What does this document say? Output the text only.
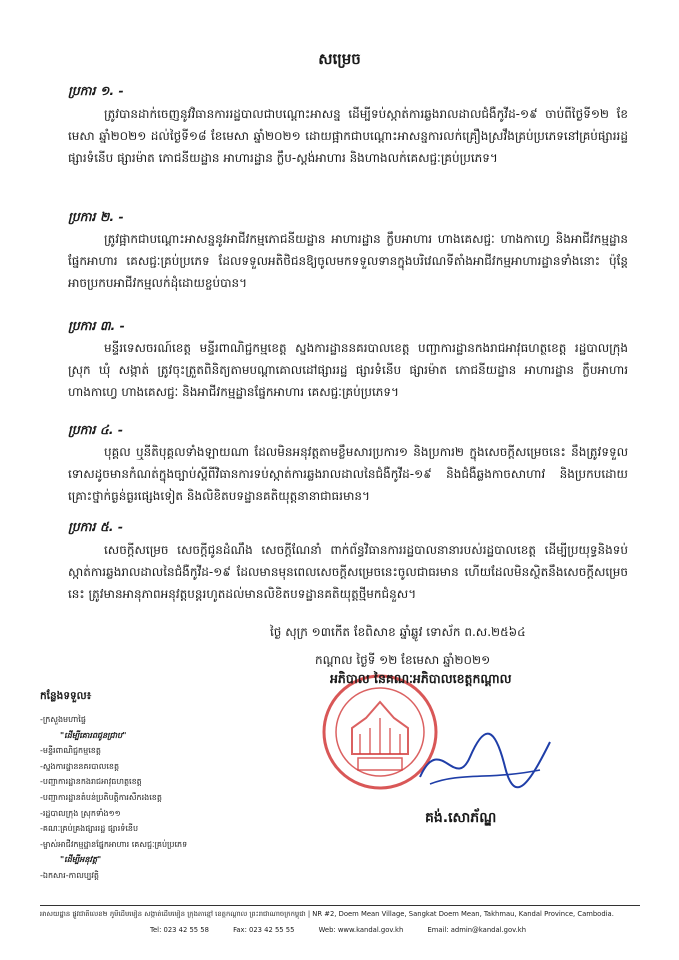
សម្រេច
ប្រការ ១. -
ត្រូវបានដាក់ចេញនូវវិធានការរដ្ឋបាលជាបណ្ដោះអាសន្ន ដើម្បីទប់ស្កាត់ការឆ្លងរាលដាលជំងឺកូវីដ-១៩ ចាប់ពីថ្ងៃទី១២ ខែមេសា ឆ្នាំ២០២១ ដល់ថ្ងៃទី១៨ ខែមេសា ឆ្នាំ២០២១ ដោយផ្អាកជាបណ្ដោះអាសន្នការលក់គ្រឿងស្រវឹងគ្រប់ប្រភេទនៅគ្រប់ផ្សាររដ្ឋ ផ្សារទំនើប ផ្សារម៉ាត ភោជនីយដ្ឋាន អាហារដ្ឋាន ក្លឹប-ស្តង់អាហារ និងហាងលក់គេសជ្ជៈគ្រប់ប្រភេទ។
ប្រការ ២. -
ត្រូវផ្អាកជាបណ្ដោះអាសន្ននូវអាជីវកម្មភោជនីយដ្ឋាន អាហារដ្ឋាន ក្លឹបអាហារ ហាងគេសជ្ជៈ ហាងកាហ្វេ និងអាជីវកម្មដ្ឋានផ្នែកអាហារ គេសជ្ជៈគ្រប់ប្រភេទ ដែលទទួលអតិថិជនឱ្យចូលមកទទួលទានក្នុងបរិវេណទីតាំងអាជីវកម្មអាហារដ្ឋានទាំងនោះ ប៉ុន្តែអាចប្រកបអាជីវកម្មលក់ដុំដោយខ្ចប់បាន។
ប្រការ ៣. -
មន្ទីរទេសចរណ៍ខេត្ត មន្ទីរពាណិជ្ជកម្មខេត្ត ស្នងការដ្ឋាននគរបាលខេត្ត បញ្ជាការដ្ឋានកងរាជអាវុធហត្ថខេត្ត រដ្ឋបាលក្រុង ស្រុក ឃុំ សង្កាត់ ត្រូវចុះត្រួតពិនិត្យតាមបណ្ដាគោលដៅផ្សាររដ្ឋ ផ្សារទំនើប ផ្សារម៉ាត ភោជនីយដ្ឋាន អាហារដ្ឋាន ក្លឹបអាហារ ហាងកាហ្វេ ហាងគេសជ្ជៈ និងអាជីវកម្មដ្ឋានផ្នែកអាហារ គេសជ្ជៈគ្រប់ប្រភេទ។
ប្រការ ៤. -
បុគ្គល ឬនីតិបុគ្គលទាំងឡាយណា ដែលមិនអនុវត្តតាមខ្លឹមសារប្រការ១ និងប្រការ២ ក្នុងសេចក្ដីសម្រេចនេះ នឹងត្រូវទទួលទោសដូចមានកំណត់ក្នុងច្បាប់ស្ដីពីវិធានការទប់ស្កាត់ការឆ្លងរាលដាលនៃជំងឺកូវីដ-១៩ និងជំងឺឆ្លងកាចសាហាវ និងប្រកបដោយគ្រោះថ្នាក់ធ្ងន់ធ្ងរផ្សេងទៀត និងលិខិតបទដ្ឋានគតិយុត្តនានាជាធរមាន។
ប្រការ ៥. -
សេចក្ដីសម្រេច សេចក្ដីជូនដំណឹង សេចក្ដីណែនាំ ពាក់ព័ន្ធវិធានការរដ្ឋបាលនានារបស់រដ្ឋបាលខេត្ត ដើម្បីប្រយុទ្ធនិងទប់ស្កាត់ការឆ្លងរាលដាលនៃជំងឺកូវីដ-១៩ ដែលមានមុនពេលសេចក្ដីសម្រេចនេះចូលជាធរមាន ហើយដែលមិនស្ថិតនឹងសេចក្ដីសម្រេចនេះ ត្រូវមានអានុភាពអនុវត្តបន្តរហូតដល់មានលិខិតបទដ្ឋានគតិយុត្តថ្មីមកជំនួស។
ថ្ងៃ សុក្រ ១៣កើត ខែពិសាខ ឆ្នាំឆ្លូវ ទោស័ក ព.ស.២៥៦៤
កណ្ដាល ថ្ងៃទី ១២ ខែមេសា ឆ្នាំ២០២១
អភិបាល នៃគណៈអភិបាលខេត្តកណ្ដាល
គង់.សោភ័ណ្ឌ
កន្លែងទទួល៖
-ក្រសួងមហាផ្ទៃ
"ដើម្បីគោរពជូនជ្រាប"
-មន្ទីរពាណិជ្ជកម្មខេត្ត
-ស្នងការដ្ឋាននគរបាលខេត្ត
-បញ្ជាការដ្ឋានកងរាជអាវុធហត្ថខេត្ត
-បញ្ជាការដ្ឋានតំបន់ប្រតិបត្តិការសឹករងខេត្ត
-រដ្ឋបាលក្រុង ស្រុកទាំង១១
-គណៈគ្រប់គ្រងផ្សាររដ្ឋ ផ្សារទំនើប
-ម្ចាស់អាជីវកម្មដ្ឋានផ្នែកអាហារ គេសជ្ជៈគ្រប់ប្រភេទ
"ដើម្បីអនុវត្ត"
-ឯកសារ-កាលប្បវត្តិ
អាសយដ្ឋាន ផ្លូវជាតិលេខ២ ភូមិដើមមៀន សង្កាត់ដើមមៀន ក្រុងតាខ្មៅ ខេត្តកណ្ដាល ព្រះរាជាណាចក្រកម្ពុជា | NR #2, Doem Mean Village, Sangkat Doem Mean, Takhmau, Kandal Province, Cambodia.
Tel: 023 42 55 58	Fax: 023 42 55 55	Web: www.kandal.gov.kh	Email: admin@kandal.gov.kh
